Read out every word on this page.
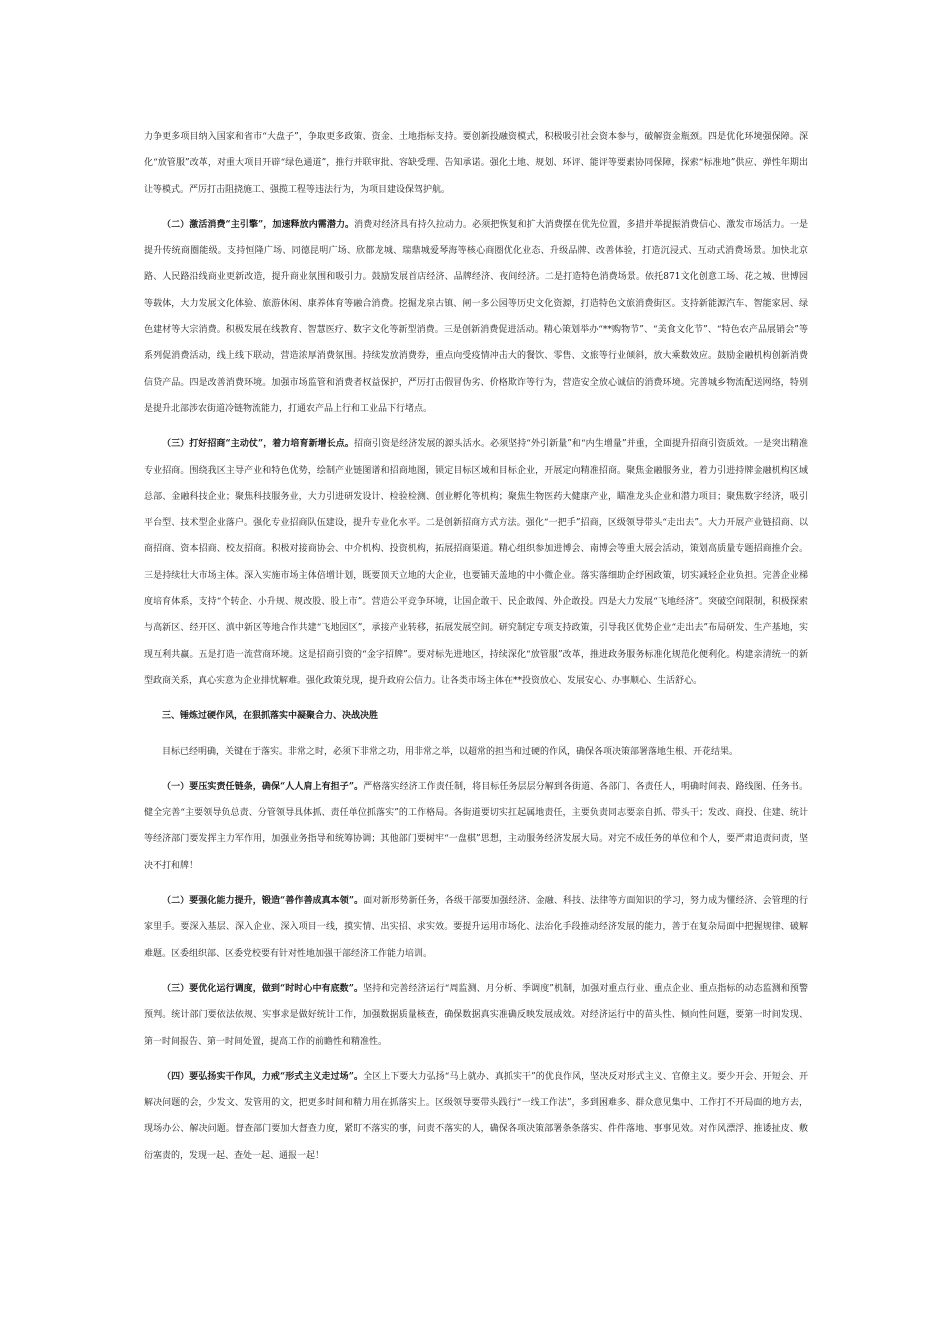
力争更多项目纳入国家和省市“大盘子”，争取更多政策、资金、土地指标支持。要创新投融资模式，积极吸引社会资本参与，破解资金瓶颈。四是优化环境强保障。深化“放管服”改革，对重大项目开辟“绿色通道”，推行并联审批、容缺受理、告知承诺。强化土地、规划、环评、能评等要素协同保障，探索“标准地”供应、弹性年期出让等模式。严厉打击阻挠施工、强揽工程等违法行为，为项目建设保驾护航。

（二）激活消费“主引擎”，加速释放内需潜力。消费对经济具有持久拉动力。必须把恢复和扩大消费摆在优先位置，多措并举提振消费信心、激发市场活力。一是提升传统商圈能级。支持恒隆广场、同德昆明广场、欣都龙城、瑞鼎城爱琴海等核心商圈优化业态、升级品牌、改善体验，打造沉浸式、互动式消费场景。加快北京路、人民路沿线商业更新改造，提升商业氛围和吸引力。鼓励发展首店经济、品牌经济、夜间经济。二是打造特色消费场景。依托871文化创意工场、花之城、世博园等载体，大力发展文化体验、旅游休闲、康养体育等融合消费。挖掘龙泉古镇、闸一多公园等历史文化资源，打造特色文旅消费街区。支持新能源汽车、智能家居、绿色建材等大宗消费。积极发展在线教育、智慧医疗、数字文化等新型消费。三是创新消费促进活动。精心策划举办“**购物节”、“美食文化节”、“特色农产品展销会”等系列促消费活动，线上线下联动，营造浓厚消费氛围。持续发放消费券，重点向受疫情冲击大的餐饮、零售、文旅等行业倾斜，放大乘数效应。鼓励金融机构创新消费信贷产品。四是改善消费环境。加强市场监管和消费者权益保护，严厉打击假冒伪劣、价格欺诈等行为，营造安全放心诚信的消费环境。完善城乡物流配送网络，特别是提升北部涉农街道冷链物流能力，打通农产品上行和工业品下行堵点。

（三）打好招商“主动仗”，着力培育新增长点。招商引资是经济发展的源头活水。必须坚持“外引新量”和“内生增量”并重，全面提升招商引资质效。一是突出精准专业招商。围绕我区主导产业和特色优势，绘制产业链图谱和招商地图，锁定目标区域和目标企业，开展定向精准招商。聚焦金融服务业，着力引进持牌金融机构区域总部、金融科技企业；聚焦科技服务业，大力引进研发设计、检验检测、创业孵化等机构；聚焦生物医药大健康产业，瞄准龙头企业和潜力项目；聚焦数字经济，吸引平台型、技术型企业落户。强化专业招商队伍建设，提升专业化水平。二是创新招商方式方法。强化“一把手”招商，区级领导带头“走出去”。大力开展产业链招商、以商招商、资本招商、校友招商。积极对接商协会、中介机构、投资机构，拓展招商渠道。精心组织参加进博会、南博会等重大展会活动，策划高质量专题招商推介会。三是持续壮大市场主体。深入实施市场主体倍增计划，既要顶天立地的大企业，也要铺天盖地的中小微企业。落实落细助企纾困政策，切实减轻企业负担。完善企业梯度培育体系，支持“个转企、小升规、规改股、股上市”。营造公平竞争环境，让国企敢干、民企敢闯、外企敢投。四是大力发展“飞地经济”。突破空间限制，积极探索与高新区、经开区、滇中新区等地合作共建“飞地园区”，承接产业转移，拓展发展空间。研究制定专项支持政策，引导我区优势企业“走出去”布局研发、生产基地，实现互利共赢。五是打造一流营商环境。这是招商引资的“金字招牌”。要对标先进地区，持续深化“放管服”改革，推进政务服务标准化规范化便利化。构建亲清统一的新型政商关系，真心实意为企业排忧解难。强化政策兑现，提升政府公信力。让各类市场主体在**投资放心、发展安心、办事顺心、生活舒心。

三、锤炼过硬作风，在狠抓落实中凝聚合力、决战决胜

目标已经明确，关键在于落实。非常之时，必须下非常之功，用非常之举，以超常的担当和过硬的作风，确保各项决策部署落地生根、开花结果。

（一）要压实责任链条，确保“人人肩上有担子”。严格落实经济工作责任制，将目标任务层层分解到各街道、各部门、各责任人，明确时间表、路线图、任务书。健全完善“主要领导负总责、分管领导具体抓、责任单位抓落实”的工作格局。各街道要切实扛起属地责任，主要负责同志要亲自抓、带头干；发改、商投、住建、统计等经济部门要发挥主力军作用，加强业务指导和统筹协调；其他部门要树牢“一盘棋”思想，主动服务经济发展大局。对完不成任务的单位和个人，要严肃追责问责，坚决不打和牌！

（二）要强化能力提升，锻造“善作善成真本领”。面对新形势新任务，各级干部要加强经济、金融、科技、法律等方面知识的学习，努力成为懂经济、会管理的行家里手。要深入基层、深入企业、深入项目一线，摸实情、出实招、求实效。要提升运用市场化、法治化手段推动经济发展的能力，善于在复杂局面中把握规律、破解难题。区委组织部、区委党校要有针对性地加强干部经济工作能力培训。

（三）要优化运行调度，做到“时时心中有底数”。坚持和完善经济运行“周监测、月分析、季调度”机制，加强对重点行业、重点企业、重点指标的动态监测和预警预判。统计部门要依法依规、实事求是做好统计工作，加强数据质量核查，确保数据真实准确反映发展成效。对经济运行中的苗头性、倾向性问题，要第一时间发现、第一时间报告、第一时间处置，提高工作的前瞻性和精准性。

（四）要弘扬实干作风，力戒“形式主义走过场”。全区上下要大力弘扬“马上就办、真抓实干”的优良作风，坚决反对形式主义、官僚主义。要少开会、开短会、开解决问题的会，少发文、发管用的文，把更多时间和精力用在抓落实上。区级领导要带头践行“一线工作法”，多到困难多、群众意见集中、工作打不开局面的地方去，现场办公、解决问题。督查部门要加大督查力度，紧盯不落实的事，问责不落实的人，确保各项决策部署条条落实、件件落地、事事见效。对作风漂浮、推诿扯皮、敷衍塞责的，发现一起、查处一起、通报一起！
